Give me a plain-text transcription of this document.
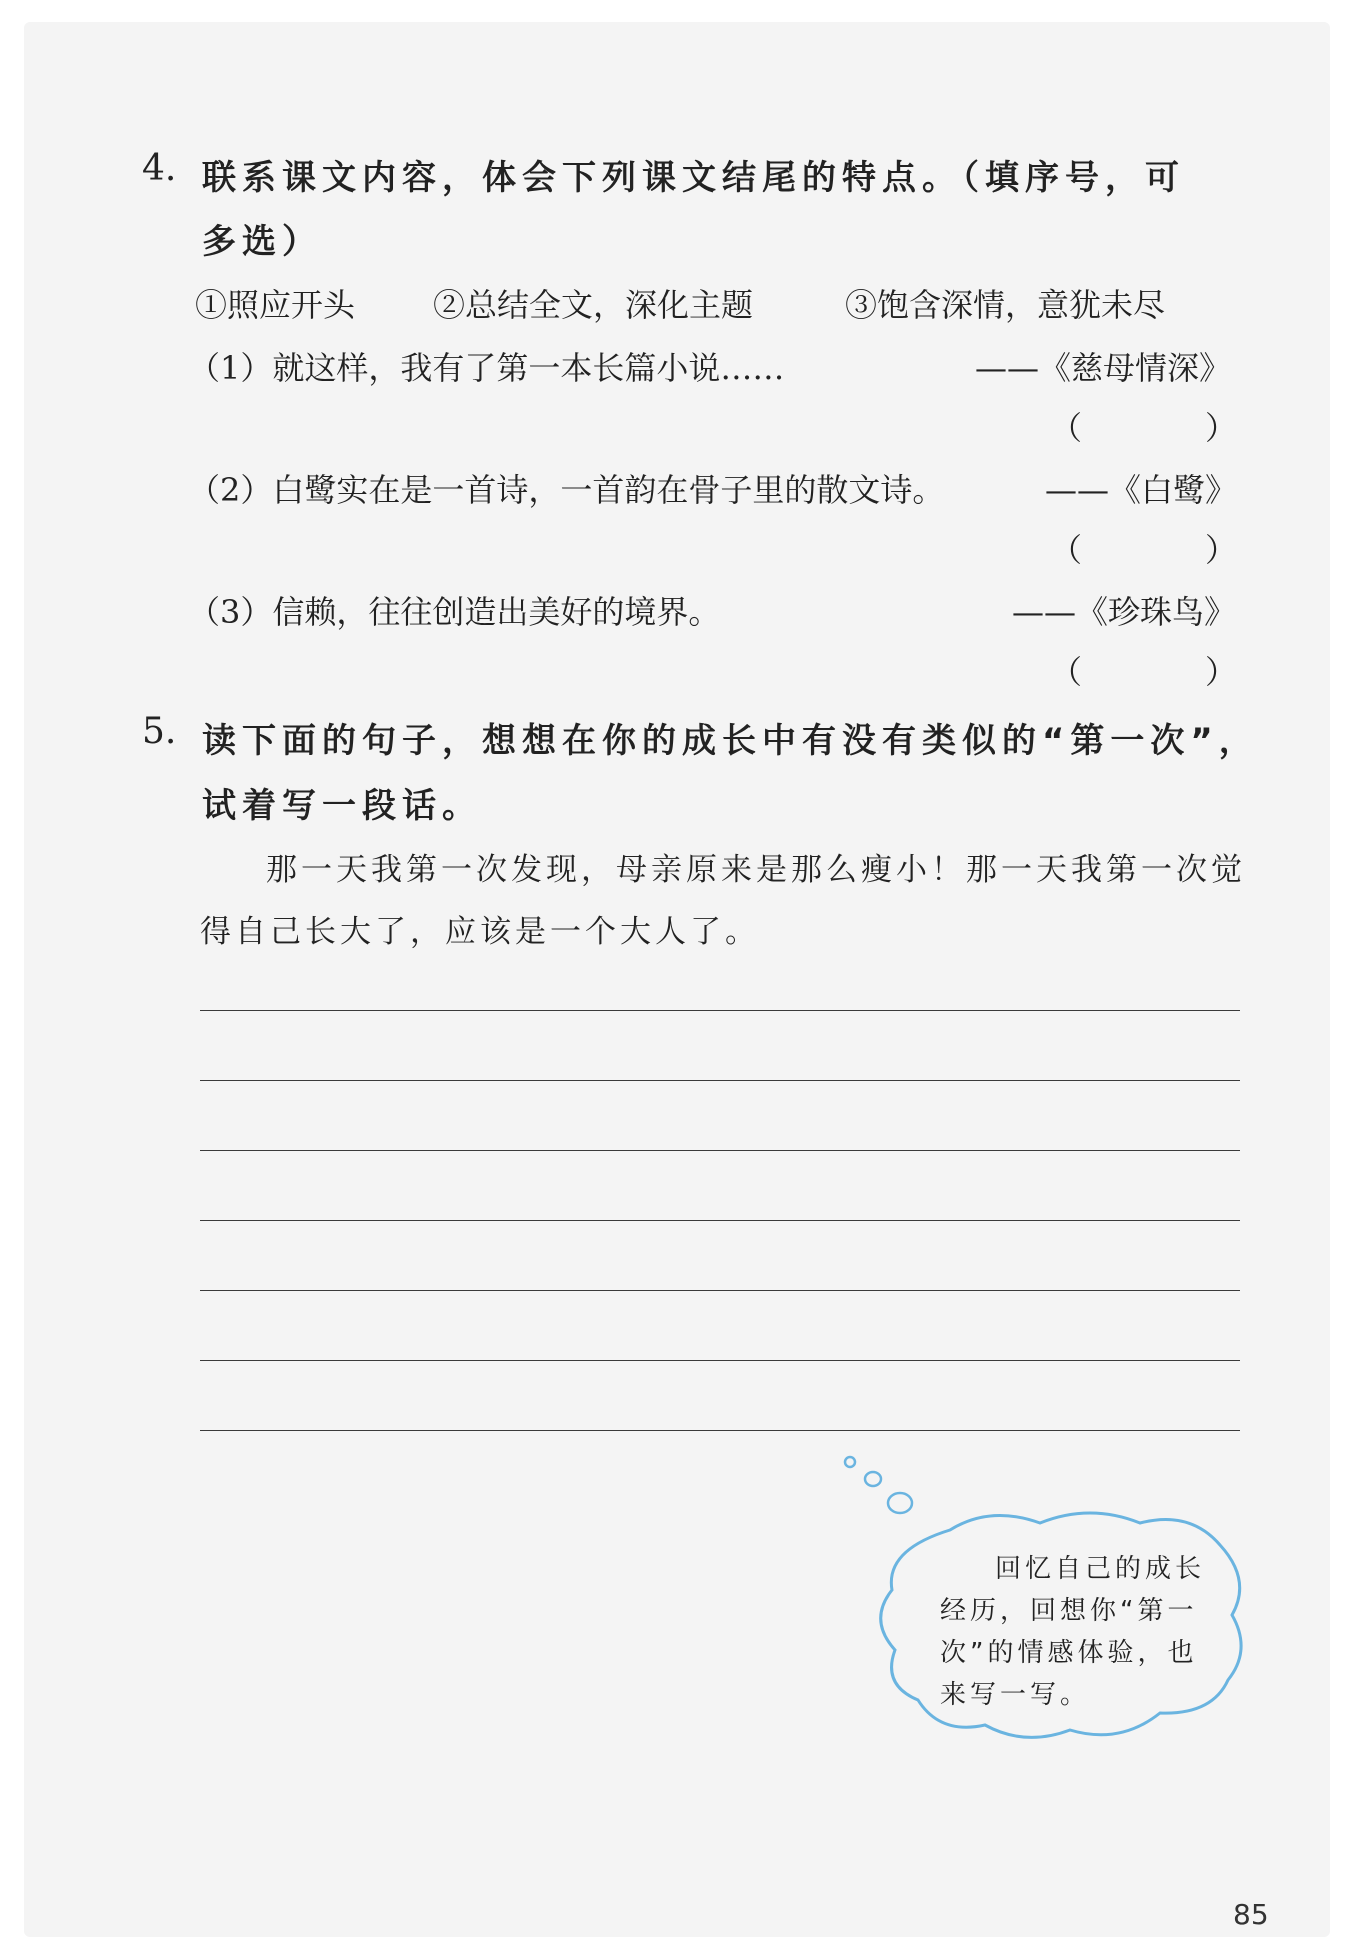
4. 联系课文内容，体会下列课文结尾的特点。（填序号，可
多选）
①照应开头 ②总结全文，深化主题	③饱含深情，意犹未尽
（1）就这样，我有了第一本长篇小说……	——《慈母情深》
（	）
（2）白鹭实在是一首诗，一首韵在骨子里的散文诗。	——《白鹭》
（	）
（3）信赖，往往创造出美好的境界。	——《珍珠鸟》
（	）
5. 读下面的句子，想想在你的成长中有没有类似的“第一次”，
试着写一段话。
那一天我第一次发现，母亲原来是那么瘦小！那一天我第一次觉
得自己长大了，应该是一个大人了。
回忆自己的成长
经历，回想你“第一
次”的情感体验，也
来写一写。
85
